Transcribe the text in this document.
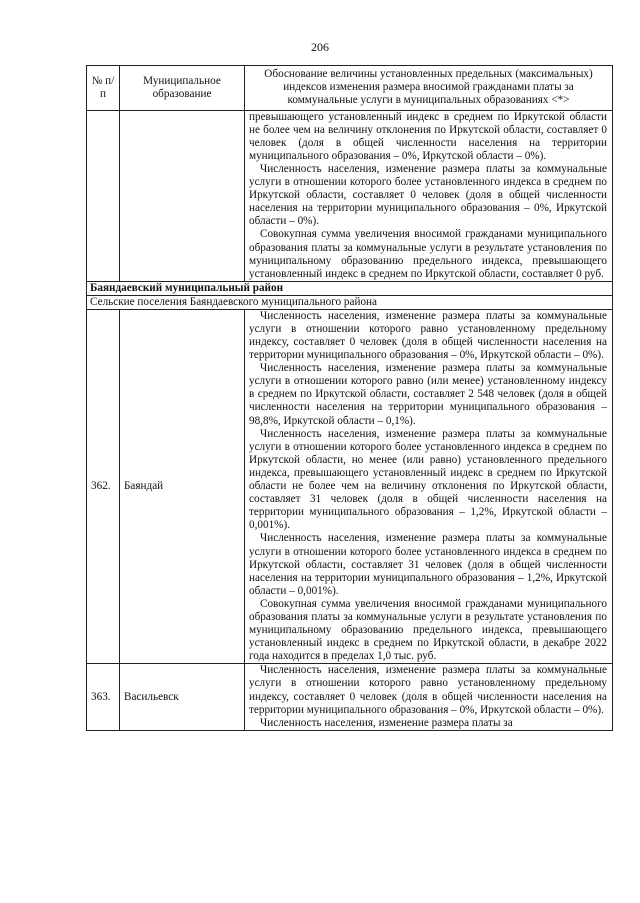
206
№ п/п	Муниципальное образование	Обоснование величины установленных предельных (максимальных) индексов изменения размера вносимой гражданами платы за коммунальные услуги в муниципальных образованиях <*>

		превышающего установленный индекс в среднем по Иркутской области не более чем на величину отклонения по Иркутской области, составляет 0 человек (доля в общей численности населения на территории муниципального образования – 0%, Иркутской области – 0%).

Численность населения, изменение размера платы за коммунальные услуги в отношении которого более установленного индекса в среднем по Иркутской области, составляет 0 человек (доля в общей численности населения на территории муниципального образования – 0%, Иркутской области – 0%).

Совокупная сумма увеличения вносимой гражданами муниципального образования платы за коммунальные услуги в результате установления по муниципальному образованию предельного индекса, превышающего установленный индекс в среднем по Иркутской области, составляет 0 руб.

Баяндаевский муниципальный район		
Сельские поселения Баяндаевского муниципального района		
362.	Баяндай	Численность населения, изменение размера платы за коммунальные услуги в отношении которого равно установленному предельному индексу, составляет 0 человек (доля в общей численности населения на территории муниципального образования – 0%, Иркутской области – 0%).

Численность населения, изменение размера платы за коммунальные услуги в отношении которого равно (или менее) установленному индексу в среднем по Иркутской области, составляет 2 548 человек (доля в общей численности населения на территории муниципального образования – 98,8%, Иркутской области – 0,1%).

Численность населения, изменение размера платы за коммунальные услуги в отношении которого более установленного индекса в среднем по Иркутской области, но менее (или равно) установленного предельного индекса, превышающего установленный индекс в среднем по Иркутской области не более чем на величину отклонения по Иркутской области, составляет 31 человек (доля в общей численности населения на территории муниципального образования – 1,2%, Иркутской области – 0,001%).

Численность населения, изменение размера платы за коммунальные услуги в отношении которого более установленного индекса в среднем по Иркутской области, составляет 31 человек (доля в общей численности населения на территории муниципального образования – 1,2%, Иркутской области – 0,001%).

Совокупная сумма увеличения вносимой гражданами муниципального образования платы за коммунальные услуги в результате установления по муниципальному образованию предельного индекса, превышающего установленный индекс в среднем по Иркутской области, в декабре 2022 года находится в пределах 1,0 тыс. руб.

363.	Васильевск	Численность населения, изменение размера платы за коммунальные услуги в отношении которого равно установленному предельному индексу, составляет 0 человек (доля в общей численности населения на территории муниципального образования – 0%, Иркутской области – 0%).

Численность населения, изменение размера платы за
